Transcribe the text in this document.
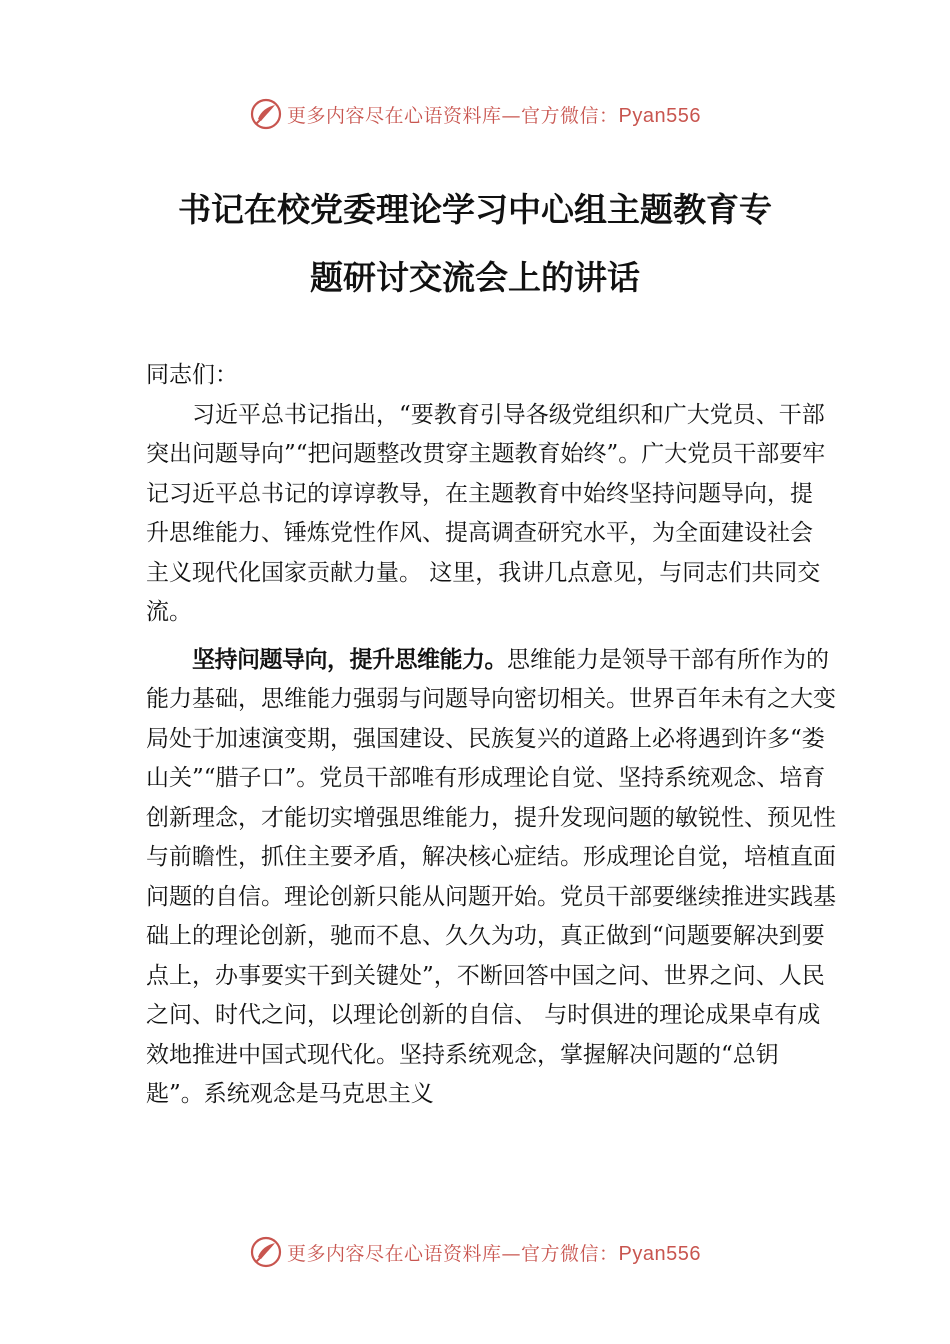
更多内容尽在心语资料库—官方微信：Pyan556
书记在校党委理论学习中心组主题教育专
题研讨交流会上的讲话

同志们：

习近平总书记指出，“要教育引导各级党组织和广大党员、干部突出问题导向”“把问题整改贯穿主题教育始终”。广大党员干部要牢记习近平总书记的谆谆教导，在主题教育中始终坚持问题导向，提升思维能力、锤炼党性作风、提高调查研究水平，为全面建设社会主义现代化国家贡献力量。 这里，我讲几点意见，与同志们共同交流。

坚持问题导向，提升思维能力。思维能力是领导干部有所作为的能力基础，思维能力强弱与问题导向密切相关。世界百年未有之大变局处于加速演变期，强国建设、民族复兴的道路上必将遇到许多“娄山关”“腊子口”。党员干部唯有形成理论自觉、坚持系统观念、培育创新理念，才能切实增强思维能力，提升发现问题的敏锐性、预见性与前瞻性，抓住主要矛盾，解决核心症结。形成理论自觉，培植直面问题的自信。理论创新只能从问题开始。党员干部要继续推进实践基础上的理论创新，驰而不息、久久为功，真正做到“问题要解决到要点上，办事要实干到关键处”，不断回答中国之问、世界之问、人民之问、时代之问，以理论创新的自信、 与时俱进的理论成果卓有成效地推进中国式现代化。坚持系统观念，掌握解决问题的“总钥匙”。系统观念是马克思主义

更多内容尽在心语资料库—官方微信：Pyan556
